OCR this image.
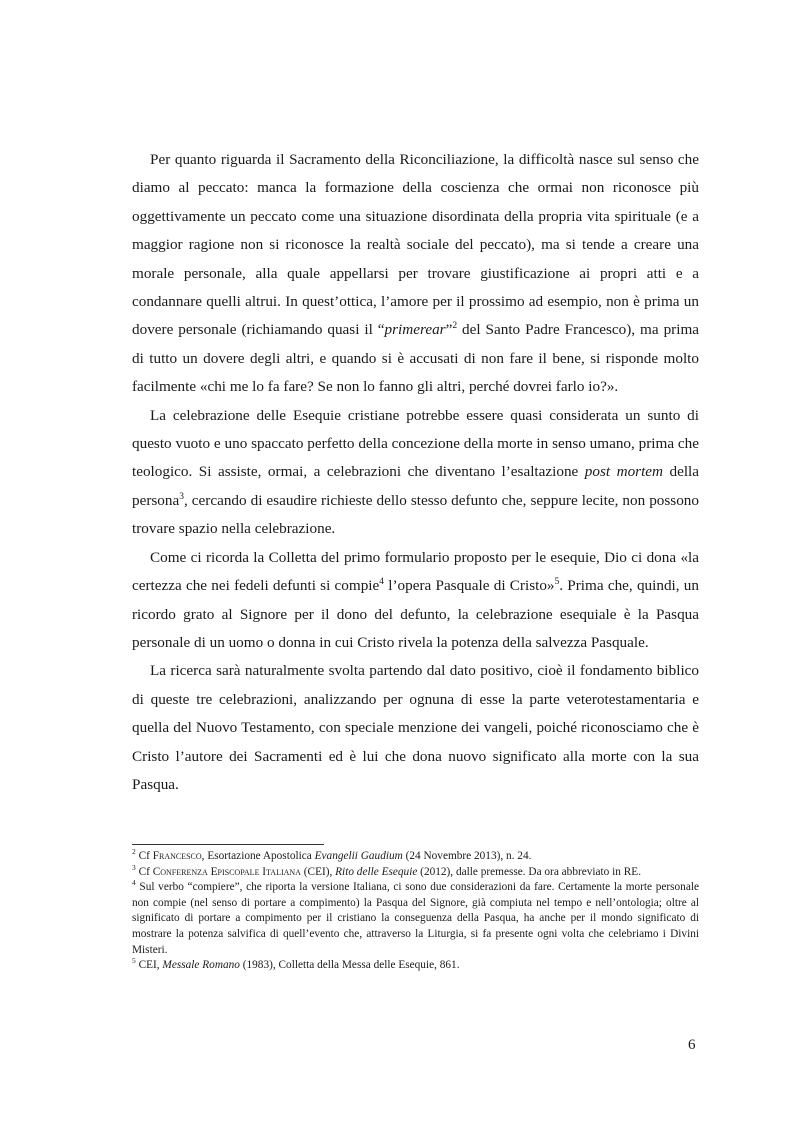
Per quanto riguarda il Sacramento della Riconciliazione, la difficoltà nasce sul senso che diamo al peccato: manca la formazione della coscienza che ormai non riconosce più oggettivamente un peccato come una situazione disordinata della propria vita spirituale (e a maggior ragione non si riconosce la realtà sociale del peccato), ma si tende a creare una morale personale, alla quale appellarsi per trovare giustificazione ai propri atti e a condannare quelli altrui. In quest’ottica, l’amore per il prossimo ad esempio, non è prima un dovere personale (richiamando quasi il “primerear”$^2$ del Santo Padre Francesco), ma prima di tutto un dovere degli altri, e quando si è accusati di non fare il bene, si risponde molto facilmente «chi me lo fa fare? Se non lo fanno gli altri, perché dovrei farlo io?».

La celebrazione delle Esequie cristiane potrebbe essere quasi considerata un sunto di questo vuoto e uno spaccato perfetto della concezione della morte in senso umano, prima che teologico. Si assiste, ormai, a celebrazioni che diventano l’esaltazione post mortem della persona$^3$, cercando di esaudire richieste dello stesso defunto che, seppure lecite, non possono trovare spazio nella celebrazione.

Come ci ricorda la Colletta del primo formulario proposto per le esequie, Dio ci dona «la certezza che nei fedeli defunti si compie$^4$ l’opera Pasquale di Cristo»$^5$. Prima che, quindi, un ricordo grato al Signore per il dono del defunto, la celebrazione esequiale è la Pasqua personale di un uomo o donna in cui Cristo rivela la potenza della salvezza Pasquale.

La ricerca sarà naturalmente svolta partendo dal dato positivo, cioè il fondamento biblico di queste tre celebrazioni, analizzando per ognuna di esse la parte veterotestamentaria e quella del Nuovo Testamento, con speciale menzione dei vangeli, poiché riconosciamo che è Cristo l’autore dei Sacramenti ed è lui che dona nuovo significato alla morte con la sua Pasqua.

$^2$ Cf Francesco, Esortazione Apostolica Evangelii Gaudium (24 Novembre 2013), n. 24.

$^3$ Cf Conferenza Episcopale Italiana (CEI), Rito delle Esequie (2012), dalle premesse. Da ora abbreviato in RE.

$^4$ Sul verbo “compiere”, che riporta la versione Italiana, ci sono due considerazioni da fare. Certamente la morte personale non compie (nel senso di portare a compimento) la Pasqua del Signore, già compiuta nel tempo e nell’ontologia; oltre al significato di portare a compimento per il cristiano la conseguenza della Pasqua, ha anche per il mondo significato di mostrare la potenza salvifica di quell’evento che, attraverso la Liturgia, si fa presente ogni volta che celebriamo i Divini Misteri.

$^5$ CEI, Messale Romano (1983), Colletta della Messa delle Esequie, 861.

6
